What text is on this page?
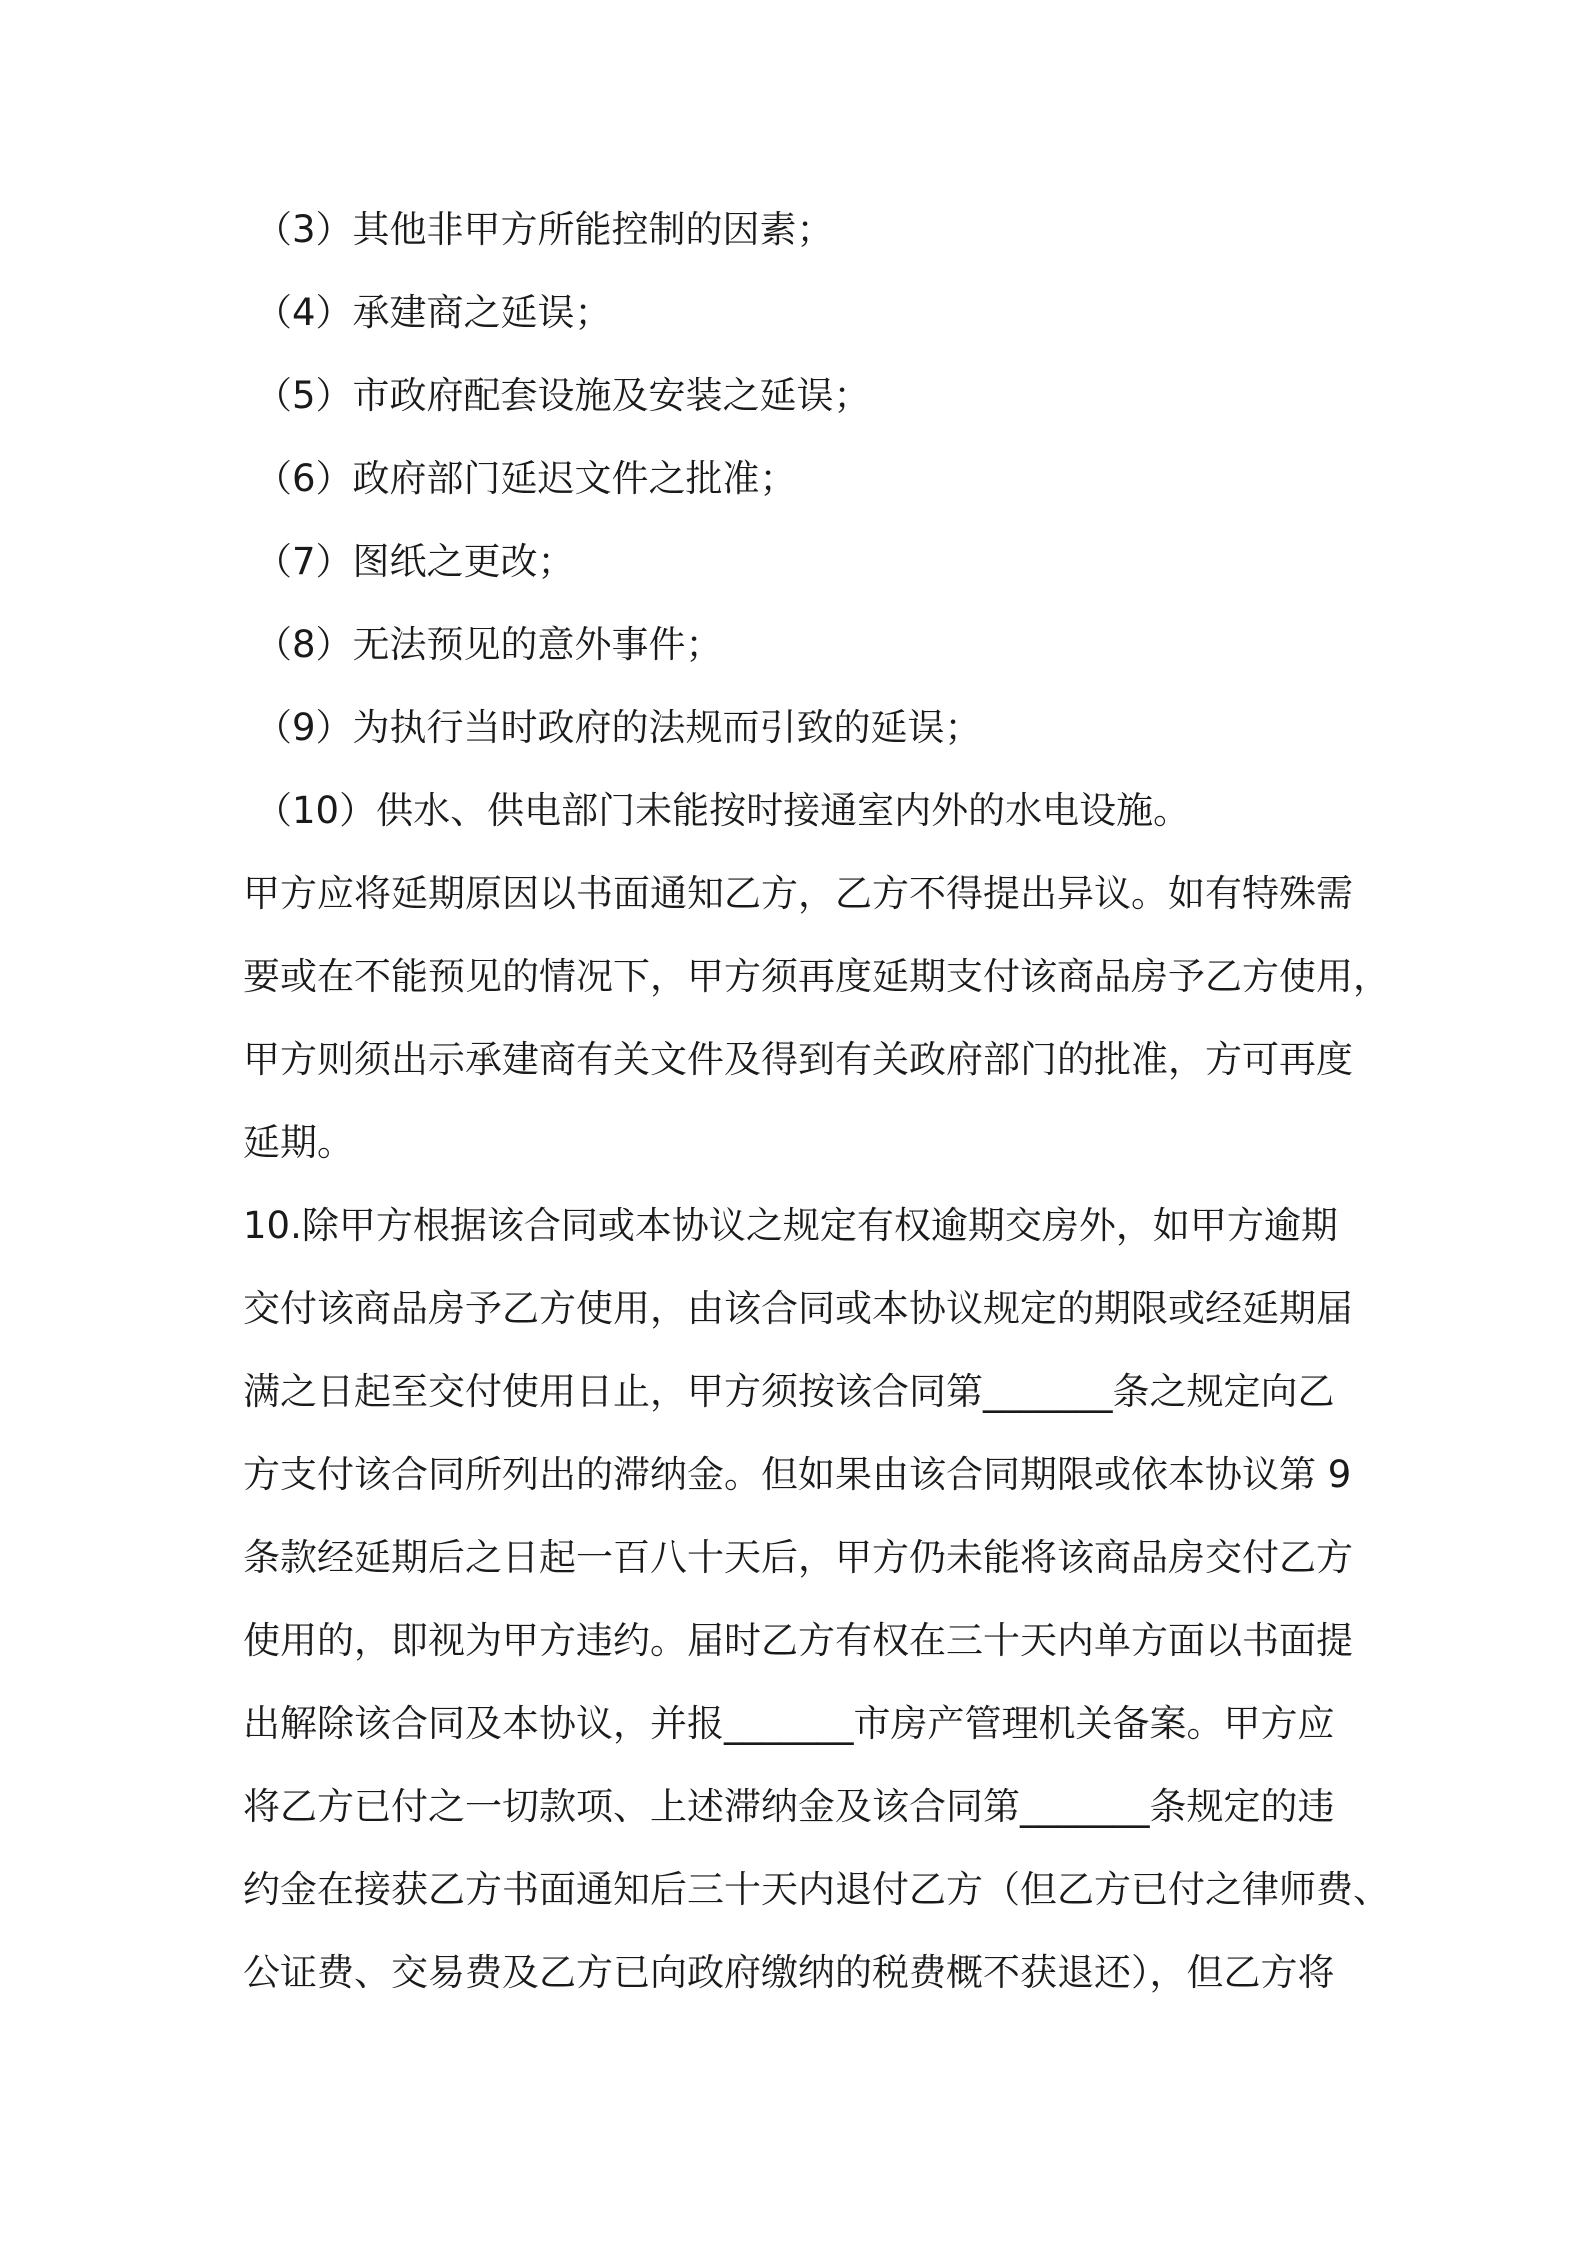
（3）其他非甲方所能控制的因素；
（4）承建商之延误；
（5）市政府配套设施及安装之延误；
（6）政府部门延迟文件之批准；
（7）图纸之更改；
（8）无法预见的意外事件；
（9）为执行当时政府的法规而引致的延误；
（10）供水、供电部门未能按时接通室内外的水电设施。
甲方应将延期原因以书面通知乙方，乙方不得提出异议。如有特殊需
要或在不能预见的情况下，甲方须再度延期支付该商品房予乙方使用，
甲方则须出示承建商有关文件及得到有关政府部门的批准，方可再度
延期。
10.除甲方根据该合同或本协议之规定有权逾期交房外，如甲方逾期
交付该商品房予乙方使用，由该合同或本协议规定的期限或经延期届
满之日起至交付使用日止，甲方须按该合同第_______条之规定向乙
方支付该合同所列出的滞纳金。但如果由该合同期限或依本协议第 9
条款经延期后之日起一百八十天后，甲方仍未能将该商品房交付乙方
使用的，即视为甲方违约。届时乙方有权在三十天内单方面以书面提
出解除该合同及本协议，并报_______市房产管理机关备案。甲方应
将乙方已付之一切款项、上述滞纳金及该合同第_______条规定的违
约金在接获乙方书面通知后三十天内退付乙方（但乙方已付之律师费、
公证费、交易费及乙方已向政府缴纳的税费概不获退还），但乙方将
